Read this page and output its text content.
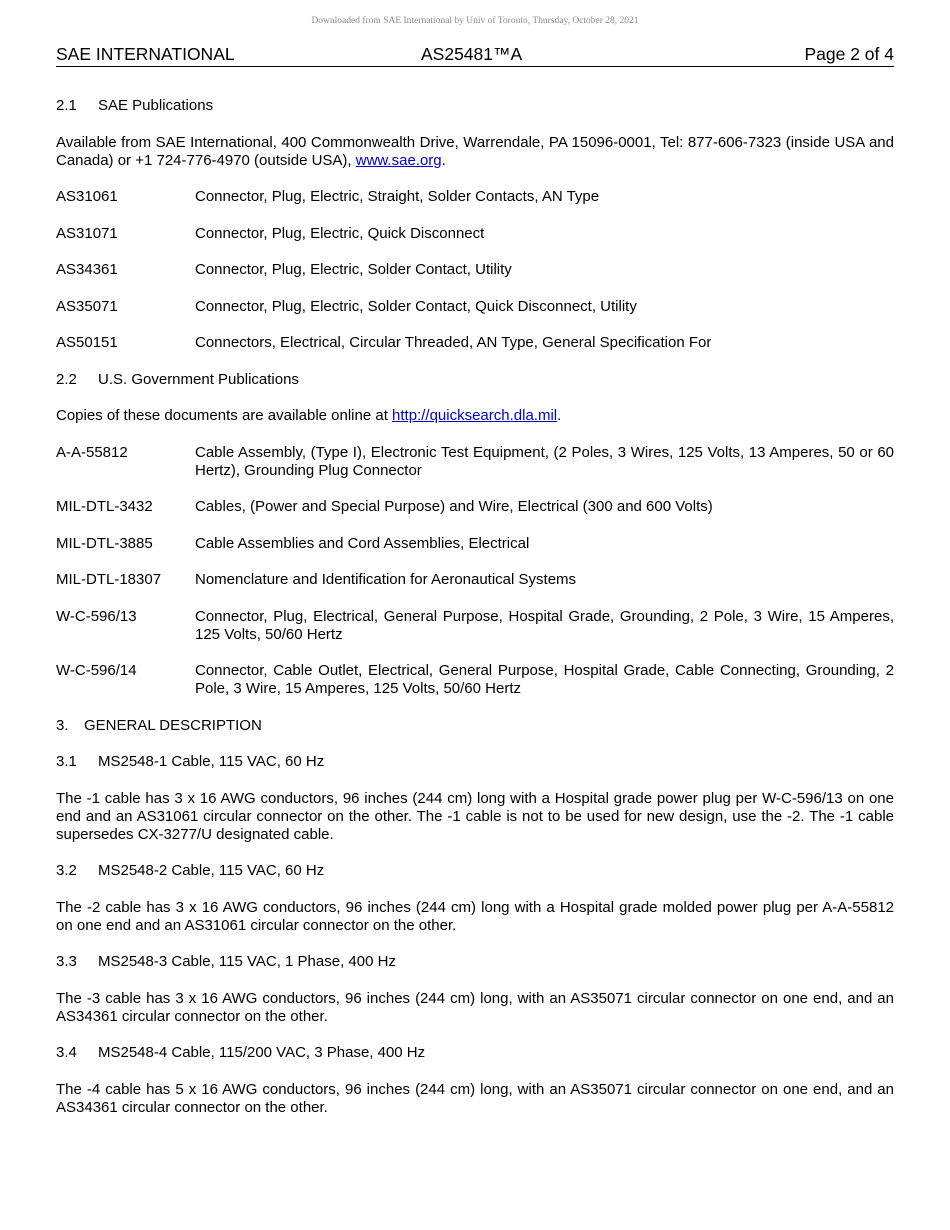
Downloaded from SAE International by Univ of Toronto, Thursday, October 28, 2021
SAE INTERNATIONAL	AS25481™A	Page 2 of 4
2.1 SAE Publications
Available from SAE International, 400 Commonwealth Drive, Warrendale, PA 15096-0001, Tel: 877-606-7323 (inside USA and Canada) or +1 724-776-4970 (outside USA), www.sae.org.
AS31061	Connector, Plug, Electric, Straight, Solder Contacts, AN Type
AS31071	Connector, Plug, Electric, Quick Disconnect
AS34361	Connector, Plug, Electric, Solder Contact, Utility
AS35071	Connector, Plug, Electric, Solder Contact, Quick Disconnect, Utility
AS50151	Connectors, Electrical, Circular Threaded, AN Type, General Specification For
2.2 U.S. Government Publications
Copies of these documents are available online at http://quicksearch.dla.mil.
A-A-55812	Cable Assembly, (Type I), Electronic Test Equipment, (2 Poles, 3 Wires, 125 Volts, 13 Amperes, 50 or 60 Hertz), Grounding Plug Connector
MIL-DTL-3432	Cables, (Power and Special Purpose) and Wire, Electrical (300 and 600 Volts)
MIL-DTL-3885	Cable Assemblies and Cord Assemblies, Electrical
MIL-DTL-18307	Nomenclature and Identification for Aeronautical Systems
W-C-596/13	Connector, Plug, Electrical, General Purpose, Hospital Grade, Grounding, 2 Pole, 3 Wire, 15 Amperes, 125 Volts, 50/60 Hertz
W-C-596/14	Connector, Cable Outlet, Electrical, General Purpose, Hospital Grade, Cable Connecting, Grounding, 2 Pole, 3 Wire, 15 Amperes, 125 Volts, 50/60 Hertz
3. GENERAL DESCRIPTION
3.1 MS2548-1 Cable, 115 VAC, 60 Hz
The -1 cable has 3 x 16 AWG conductors, 96 inches (244 cm) long with a Hospital grade power plug per W-C-596/13 on one end and an AS31061 circular connector on the other. The -1 cable is not to be used for new design, use the -2. The -1 cable supersedes CX-3277/U designated cable.
3.2 MS2548-2 Cable, 115 VAC, 60 Hz
The -2 cable has 3 x 16 AWG conductors, 96 inches (244 cm) long with a Hospital grade molded power plug per A-A-55812 on one end and an AS31061 circular connector on the other.
3.3 MS2548-3 Cable, 115 VAC, 1 Phase, 400 Hz
The -3 cable has 3 x 16 AWG conductors, 96 inches (244 cm) long, with an AS35071 circular connector on one end, and an AS34361 circular connector on the other.
3.4 MS2548-4 Cable, 115/200 VAC, 3 Phase, 400 Hz
The -4 cable has 5 x 16 AWG conductors, 96 inches (244 cm) long, with an AS35071 circular connector on one end, and an AS34361 circular connector on the other.
